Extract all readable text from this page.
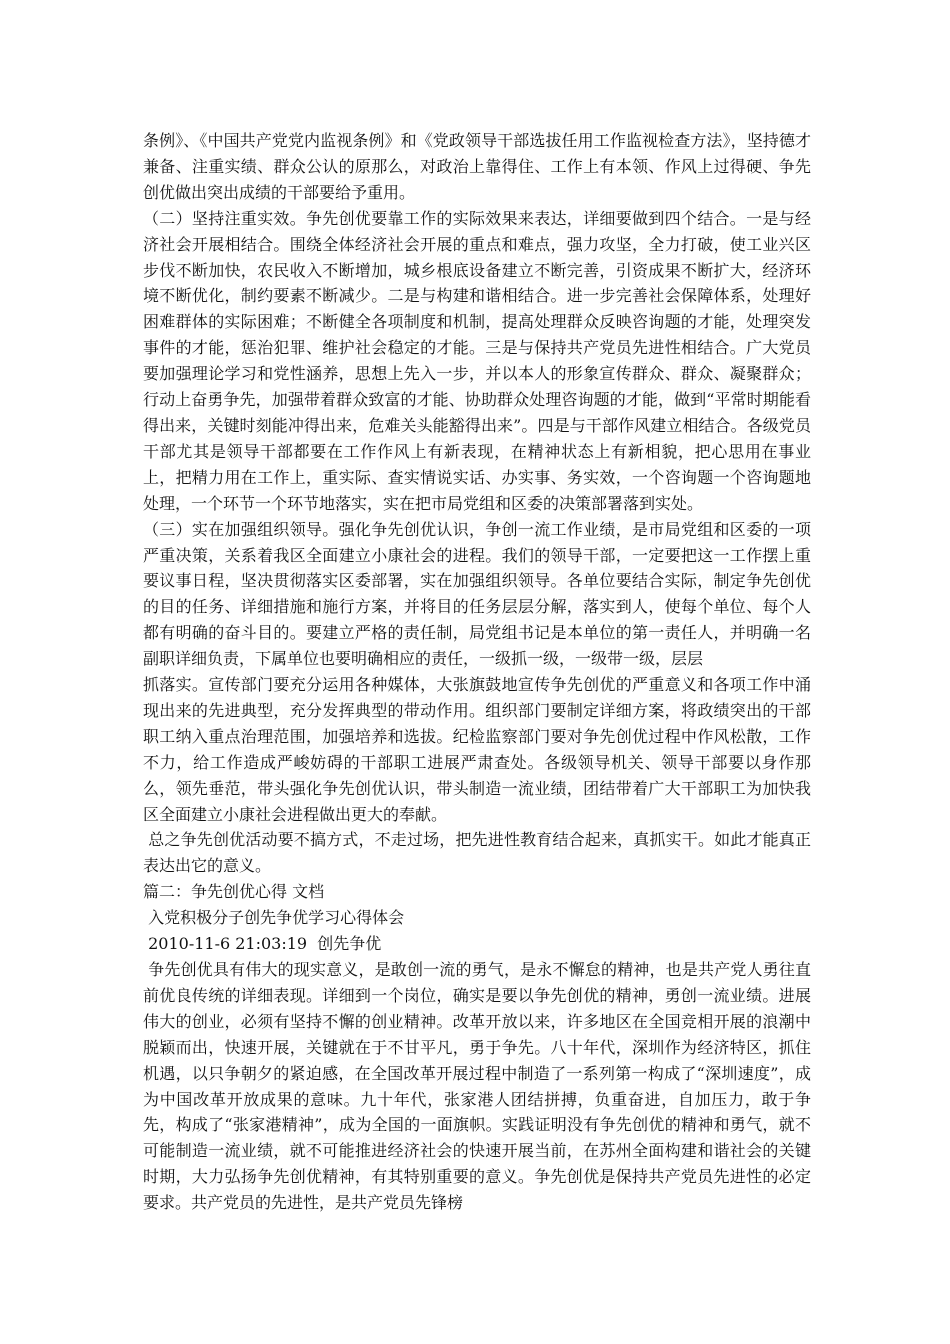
条例》、《中国共产党党内监视条例》和《党政领导干部选拔任用工作监视检查方法》，坚持德才兼备、注重实绩、群众公认的原那么，对政治上靠得住、工作上有本领、作风上过得硬、争先创优做出突出成绩的干部要给予重用。

（二）坚持注重实效。争先创优要靠工作的实际效果来表达，详细要做到四个结合。一是与经济社会开展相结合。围绕全体经济社会开展的重点和难点，强力攻坚，全力打破，使工业兴区步伐不断加快，农民收入不断增加，城乡根底设备建立不断完善，引资成果不断扩大，经济环境不断优化，制约要素不断减少。二是与构建和谐相结合。进一步完善社会保障体系，处理好困难群体的实际困难；不断健全各项制度和机制，提高处理群众反映咨询题的才能，处理突发事件的才能，惩治犯罪、维护社会稳定的才能。三是与保持共产党员先进性相结合。广大党员要加强理论学习和党性涵养，思想上先入一步，并以本人的形象宣传群众、群众、凝聚群众；行动上奋勇争先，加强带着群众致富的才能、协助群众处理咨询题的才能，做到“平常时期能看得出来，关键时刻能冲得出来，危难关头能豁得出来”。四是与干部作风建立相结合。各级党员干部尤其是领导干部都要在工作作风上有新表现，在精神状态上有新相貌，把心思用在事业上，把精力用在工作上，重实际、查实情说实话、办实事、务实效，一个咨询题一个咨询题地处理，一个环节一个环节地落实，实在把市局党组和区委的决策部署落到实处。

（三）实在加强组织领导。强化争先创优认识，争创一流工作业绩，是市局党组和区委的一项严重决策，关系着我区全面建立小康社会的进程。我们的领导干部，一定要把这一工作摆上重要议事日程，坚决贯彻落实区委部署，实在加强组织领导。各单位要结合实际，制定争先创优的目的任务、详细措施和施行方案，并将目的任务层层分解，落实到人，使每个单位、每个人都有明确的奋斗目的。要建立严格的责任制，局党组书记是本单位的第一责任人，并明确一名副职详细负责，下属单位也要明确相应的责任，一级抓一级，一级带一级，层层

抓落实。宣传部门要充分运用各种媒体，大张旗鼓地宣传争先创优的严重意义和各项工作中涌现出来的先进典型，充分发挥典型的带动作用。组织部门要制定详细方案，将政绩突出的干部职工纳入重点治理范围，加强培养和选拔。纪检监察部门要对争先创优过程中作风松散，工作不力，给工作造成严峻妨碍的干部职工进展严肃查处。各级领导机关、领导干部要以身作那么，领先垂范，带头强化争先创优认识，带头制造一流业绩，团结带着广大干部职工为加快我区全面建立小康社会进程做出更大的奉献。

总之争先创优活动要不搞方式，不走过场，把先进性教育结合起来，真抓实干。如此才能真正表达出它的意义。

篇二：争先创优心得 文档

入党积极分子创先争优学习心得体会

2010-11-6 21:03:19  创先争优

争先创优具有伟大的现实意义，是敢创一流的勇气，是永不懈怠的精神，也是共产党人勇往直前优良传统的详细表现。详细到一个岗位，确实是要以争先创优的精神，勇创一流业绩。进展伟大的创业，必须有坚持不懈的创业精神。改革开放以来，许多地区在全国竞相开展的浪潮中脱颖而出，快速开展，关键就在于不甘平凡，勇于争先。八十年代，深圳作为经济特区，抓住机遇，以只争朝夕的紧迫感，在全国改革开展过程中制造了一系列第一构成了“深圳速度”，成为中国改革开放成果的意味。九十年代，张家港人团结拼搏，负重奋进，自加压力，敢于争先，构成了“张家港精神”，成为全国的一面旗帜。实践证明没有争先创优的精神和勇气，就不可能制造一流业绩，就不可能推进经济社会的快速开展当前，在苏州全面构建和谐社会的关键时期，大力弘扬争先创优精神，有其特别重要的意义。争先创优是保持共产党员先进性的必定要求。共产党员的先进性，是共产党员先锋榜
